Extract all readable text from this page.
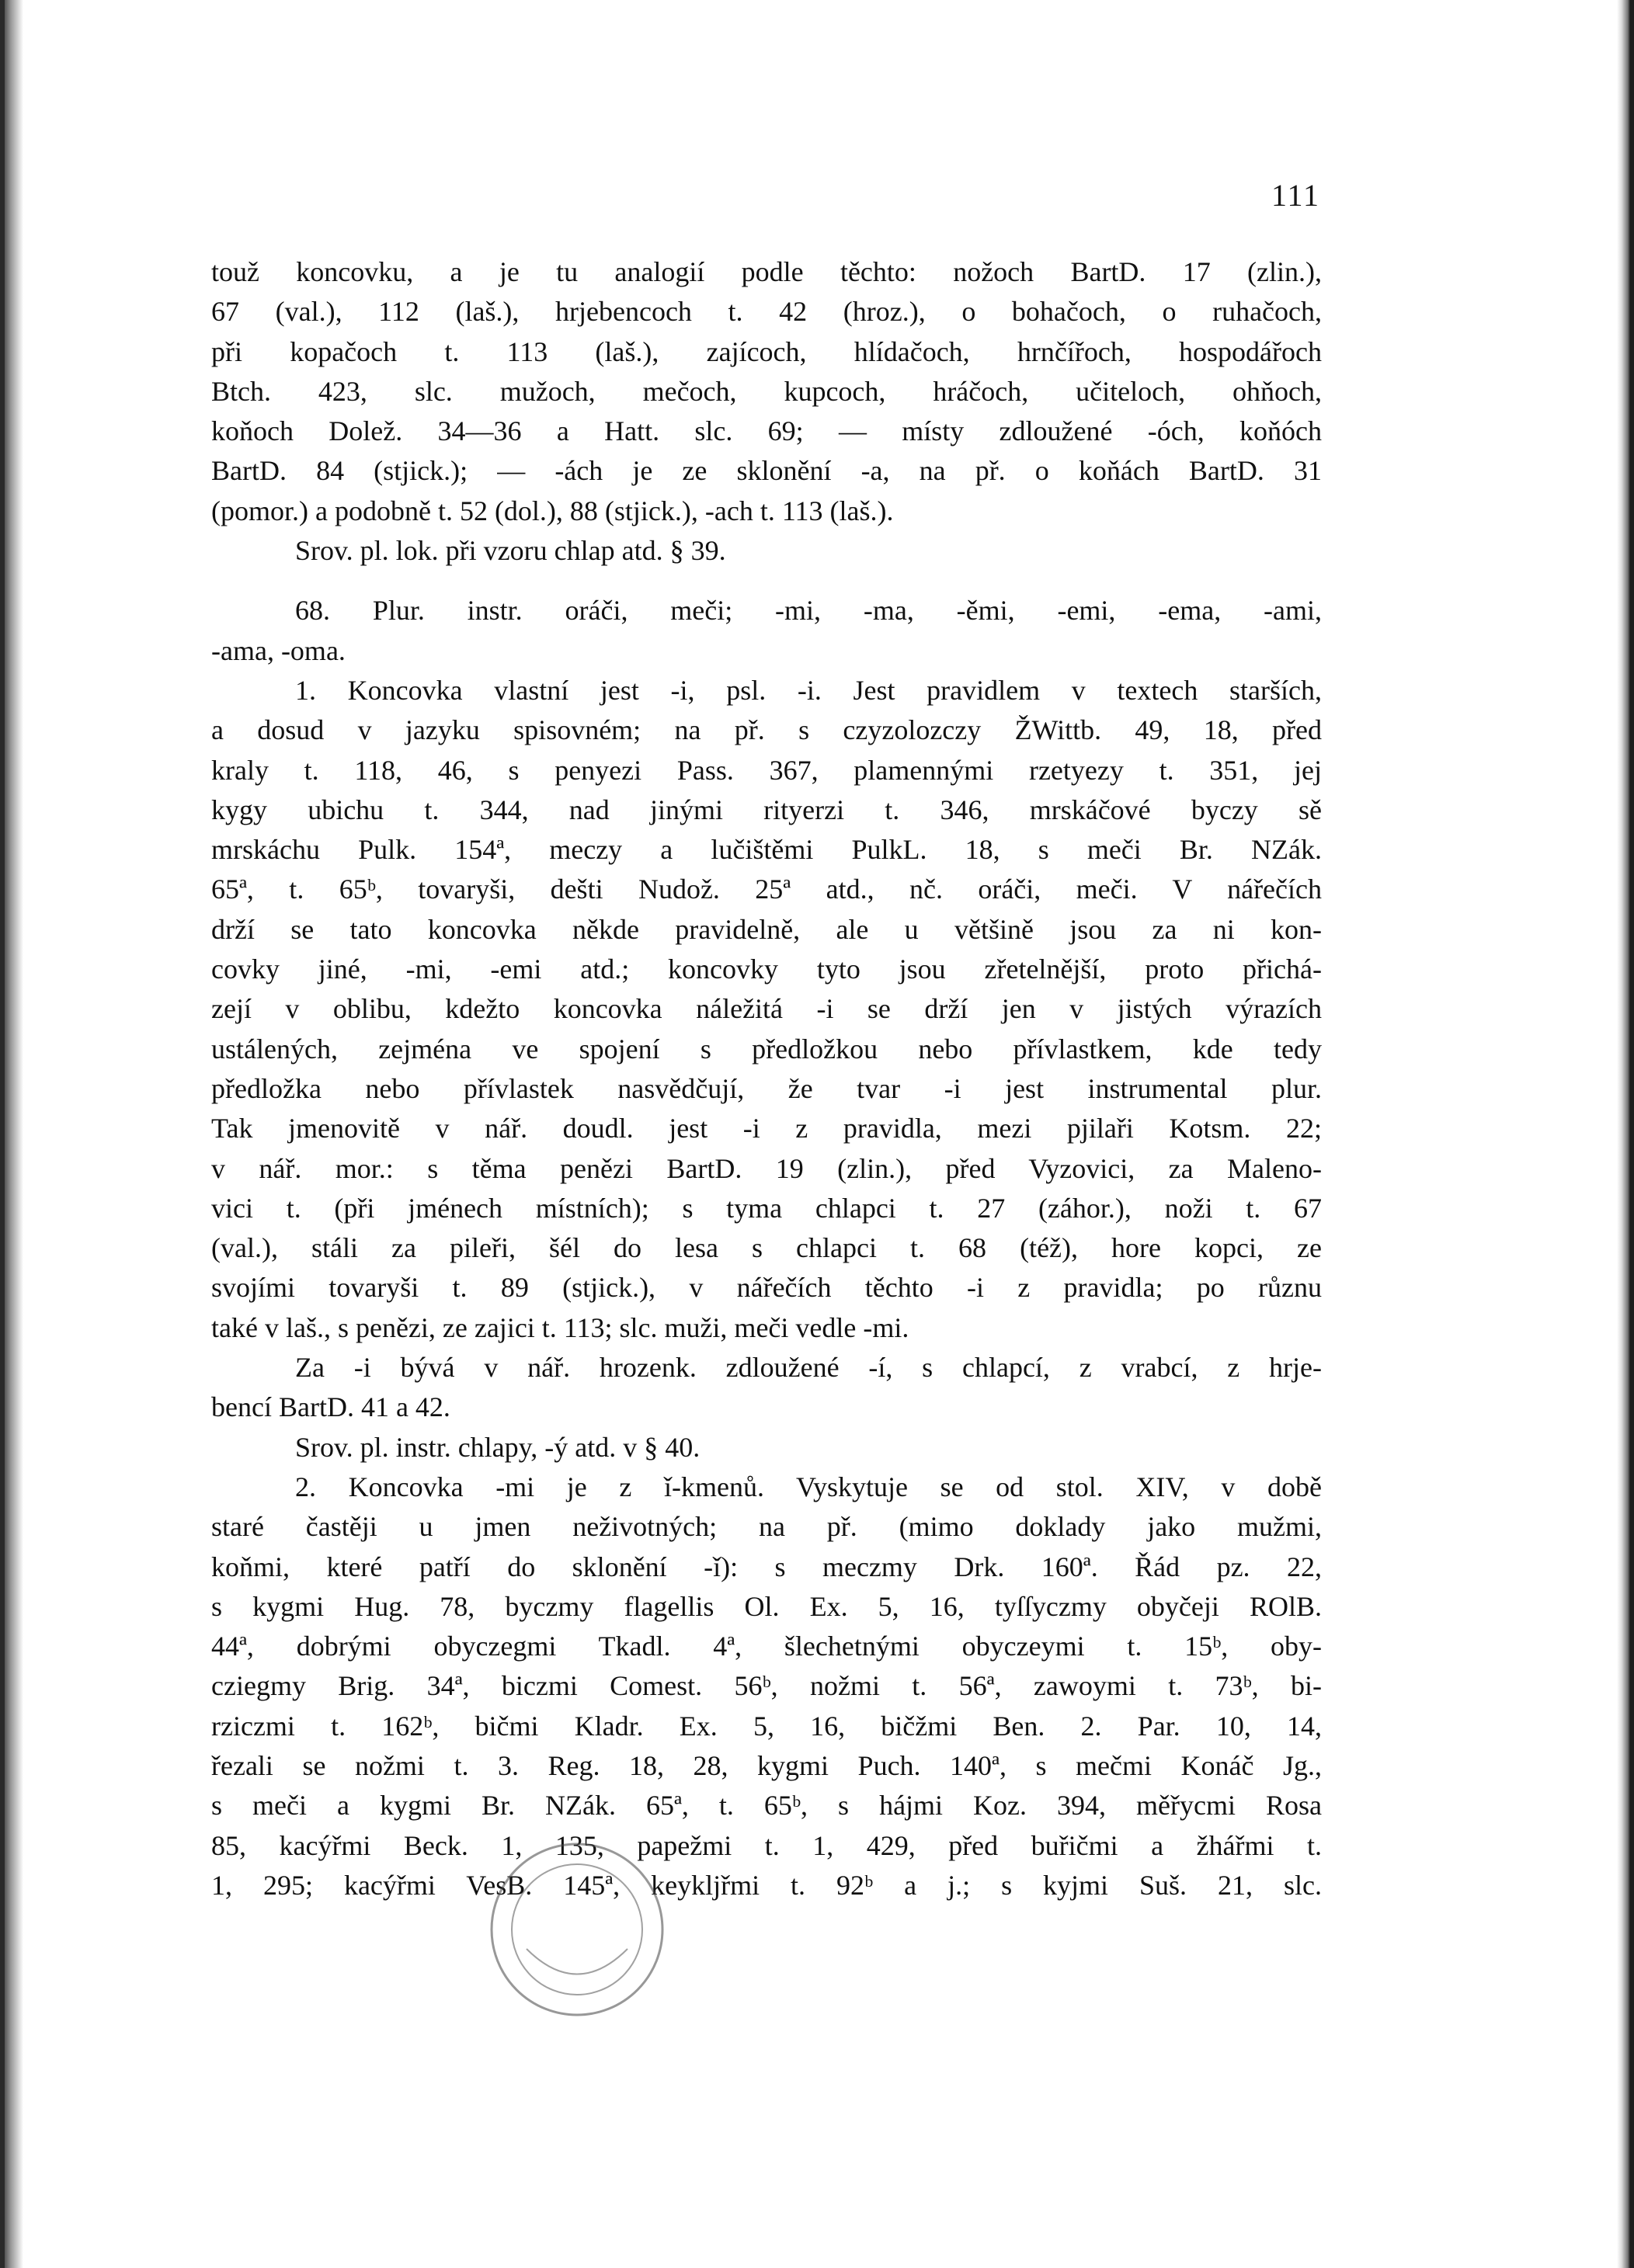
111
touž koncovku, a je tu analogií podle těchto: nožoch BartD. 17 (zlin.),
67 (val.), 112 (laš.), hrjebencoch t. 42 (hroz.), o bohačoch, o ruhačoch,
při kopačoch t. 113 (laš.), zajícoch, hlídačoch, hrnčířoch, hospodářoch
Btch. 423, slc. mužoch, mečoch, kupcoch, hráčoch, učiteloch, ohňoch,
koňoch Dolež. 34—36 a Hatt. slc. 69; — místy zdloužené -óch, koňóch
BartD. 84 (stjick.); — -ách je ze sklonění -a, na př. o koňách BartD. 31
(pomor.) a podobně t. 52 (dol.), 88 (stjick.), -ach t. 113 (laš.).
Srov. pl. lok. při vzoru chlap atd. § 39.
68. Plur. instr. oráči, meči; -mi, -ma, -ěmi, -emi, -ema, -ami,
-ama, -oma.
1. Koncovka vlastní jest -i, psl. -i. Jest pravidlem v textech starších,
a dosud v jazyku spisovném; na př. s czyzolozczy ŽWittb. 49, 18, před
kraly t. 118, 46, s penyezi Pass. 367, plamennými rzetyezy t. 351, jej
kygy ubichu t. 344, nad jinými rityerzi t. 346, mrskáčové byczy sě
mrskáchu Pulk. 154ª, meczy a lučištěmi PulkL. 18, s meči Br. NZák.
65ª, t. 65ᵇ, tovaryši, dešti Nudož. 25ª atd., nč. oráči, meči. V nářečích
drží se tato koncovka někde pravidelně, ale u většině jsou za ni kon-
covky jiné, -mi, -emi atd.; koncovky tyto jsou zřetelnější, proto přichá-
zejí v oblibu, kdežto koncovka náležitá -i se drží jen v jistých výrazích
ustálených, zejména ve spojení s předložkou nebo přívlastkem, kde tedy
předložka nebo přívlastek nasvědčují, že tvar -i jest instrumental plur.
Tak jmenovitě v nář. doudl. jest -i z pravidla, mezi pjilaři Kotsm. 22;
v nář. mor.: s těma penězi BartD. 19 (zlin.), před Vyzovici, za Maleno-
vici t. (při jménech místních); s tyma chlapci t. 27 (záhor.), noži t. 67
(val.), stáli za pileři, šél do lesa s chlapci t. 68 (též), hore kopci, ze
svojími tovaryši t. 89 (stjick.), v nářečích těchto -i z pravidla; po různu
také v laš., s penězi, ze zajici t. 113; slc. muži, meči vedle -mi.
Za -i bývá v nář. hrozenk. zdloužené -í, s chlapcí, z vrabcí, z hrje-
bencí BartD. 41 a 42.
Srov. pl. instr. chlapy, -ý atd. v § 40.
2. Koncovka -mi je z ǐ-kmenů. Vyskytuje se od stol. XIV, v době
staré častěji u jmen neživotných; na př. (mimo doklady jako mužmi,
koňmi, které patří do sklonění -ǐ): s meczmy Drk. 160ª. Řád pz. 22,
s kygmi Hug. 78, byczmy flagellis Ol. Ex. 5, 16, tyſſyczmy obyčeji ROlB.
44ª, dobrými obyczegmi Tkadl. 4ª, šlechetnými obyczeymi t. 15ᵇ, oby-
cziegmy Brig. 34ª, biczmi Comest. 56ᵇ, nožmi t. 56ª, zawoymi t. 73ᵇ, bi-
rziczmi t. 162ᵇ, bičmi Kladr. Ex. 5, 16, bičžmi Ben. 2. Par. 10, 14,
řezali se nožmi t. 3. Reg. 18, 28, kygmi Puch. 140ª, s mečmi Konáč Jg.,
s meči a kygmi Br. NZák. 65ª, t. 65ᵇ, s hájmi Koz. 394, měřycmi Rosa
85, kacýřmi Beck. 1, 135, papežmi t. 1, 429, před buřičmi a žhářmi t.
1, 295; kacýřmi VesB. 145ª, keykljřmi t. 92ᵇ a j.; s kyjmi Suš. 21, slc.
